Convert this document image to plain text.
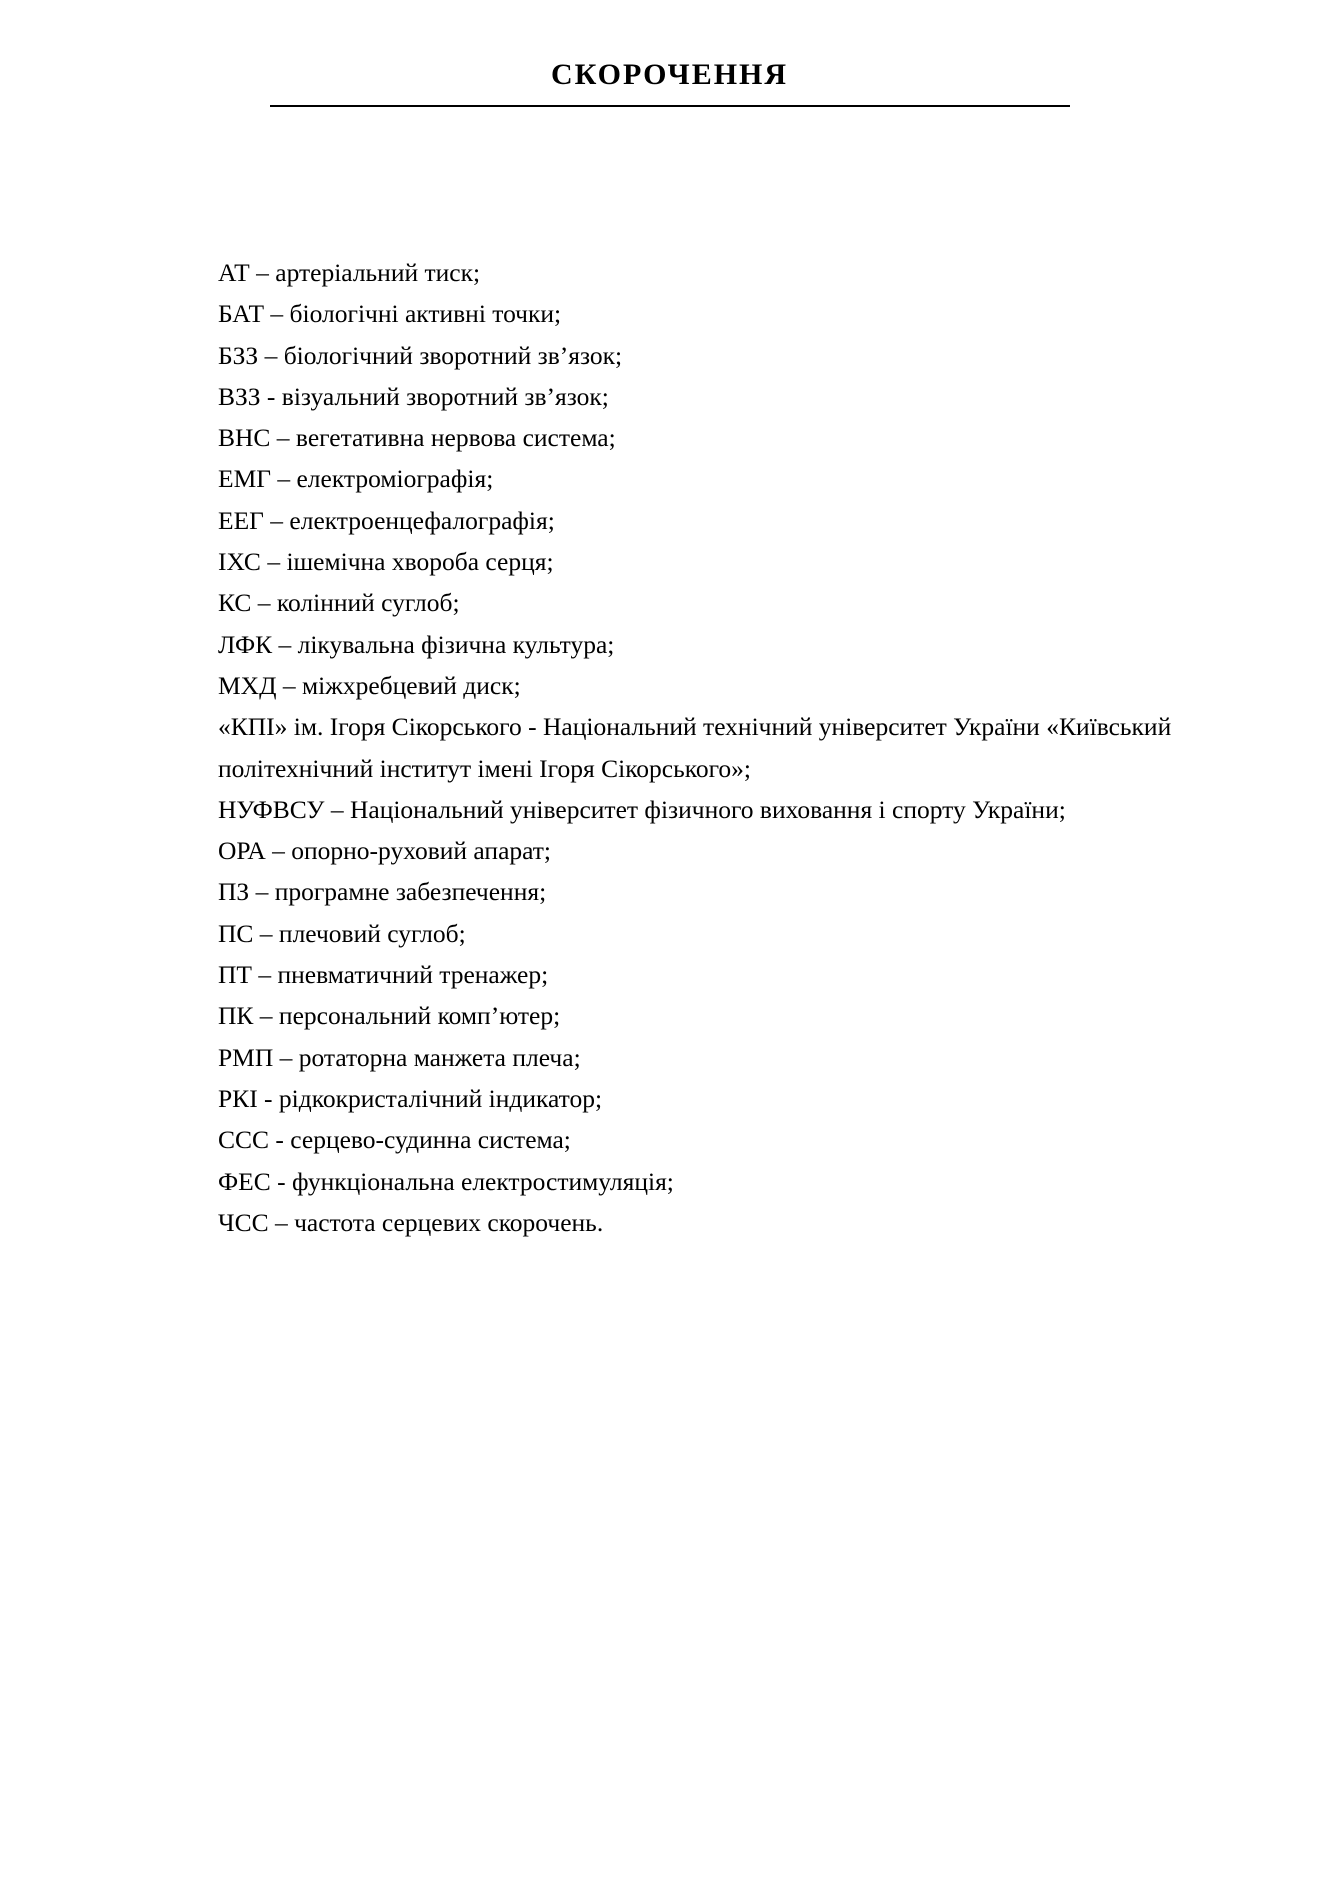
СКОРОЧЕННЯ
АТ – артеріальний тиск;
БАТ – біологічні активні точки;
БЗЗ – біологічний зворотний зв’язок;
ВЗЗ - візуальний зворотний зв’язок;
ВНС – вегетативна нервова система;
ЕМГ – електроміографія;
ЕЕГ – електроенцефалографія;
ІХС – ішемічна хвороба серця;
КС – колінний суглоб;
ЛФК – лікувальна фізична культура;
МХД – міжхребцевий диск;
«КПІ» ім. Ігоря Сікорського - Національний технічний університет України «Київський політехнічний інститут імені Ігоря Сікорського»;
НУФВСУ – Національний університет фізичного виховання і спорту України;
ОРА – опорно-руховий апарат;
ПЗ – програмне забезпечення;
ПС – плечовий суглоб;
ПТ – пневматичний тренажер;
ПК – персональний комп’ютер;
РМП – ротаторна манжета плеча;
РКІ - рідкокристалічний індикатор;
ССС - серцево-судинна система;
ФЕС - функціональна електростимуляція;
ЧСС – частота серцевих скорочень.
